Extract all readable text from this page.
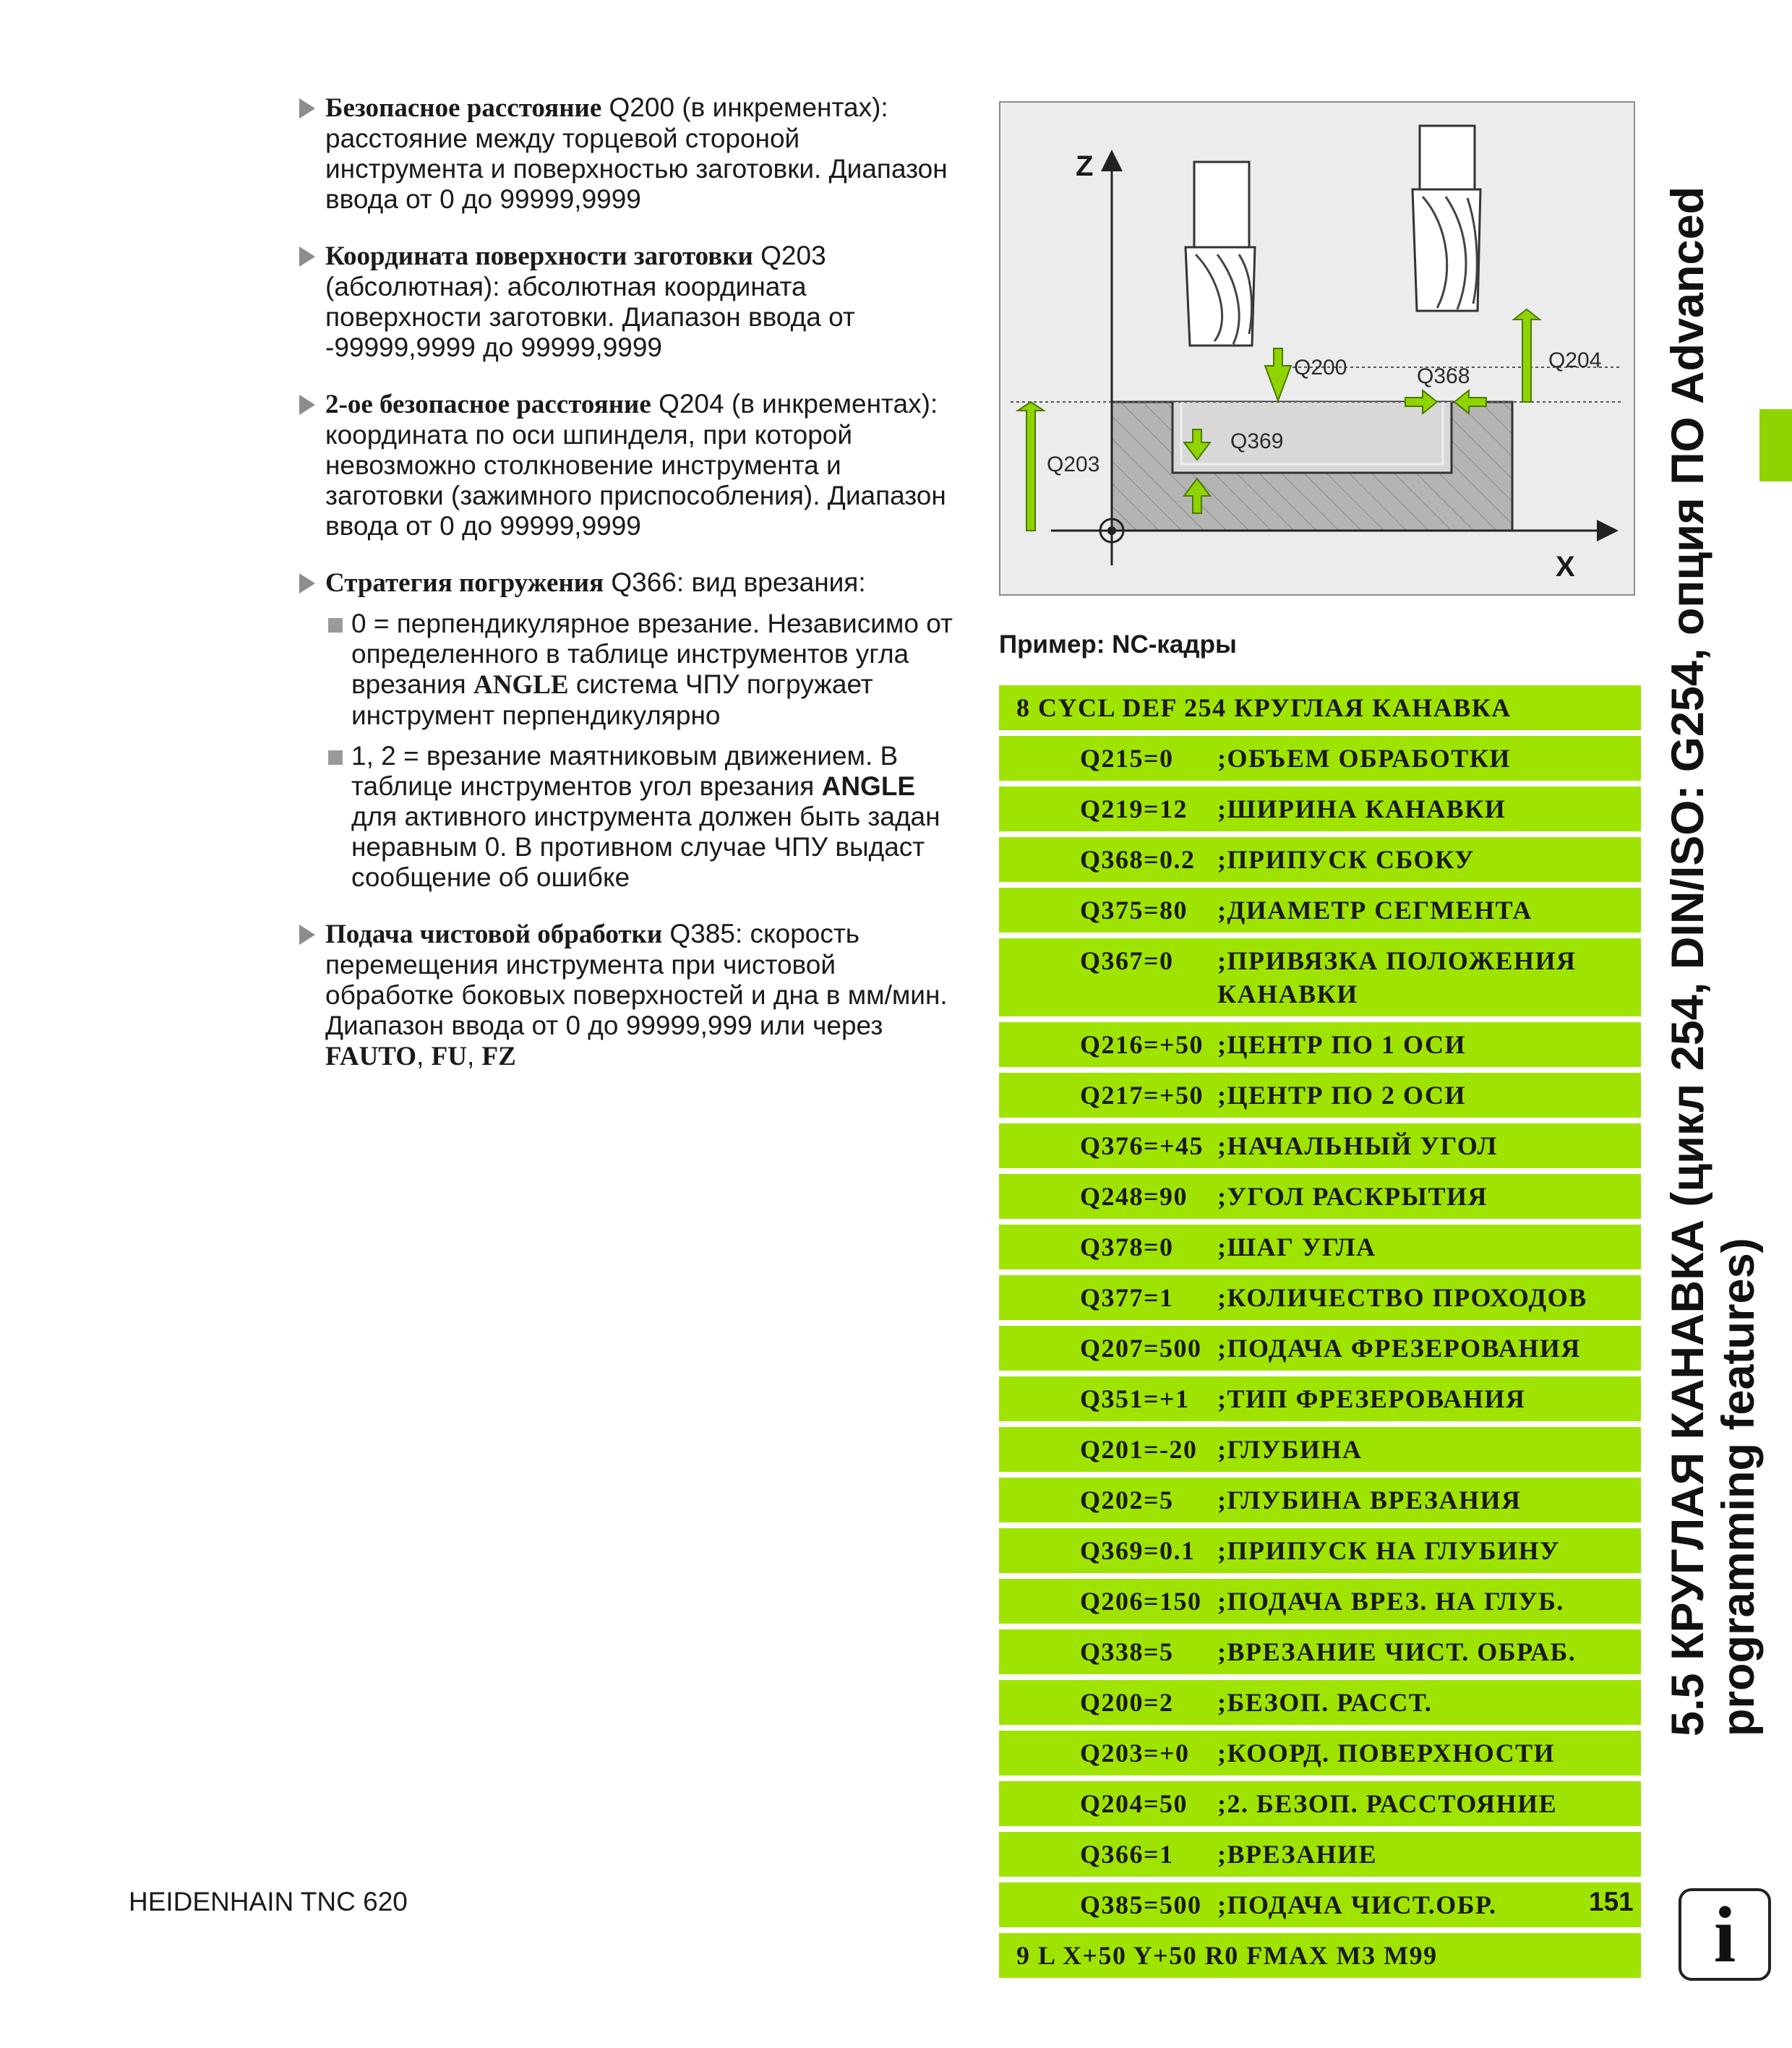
Безопасное расстояние Q200 (в инкрементах):
расстояние между торцевой стороной
инструмента и поверхностью заготовки. Диапазон
ввода от 0 до 99999,9999
Координата поверхности заготовки Q203
(абсолютная): абсолютная координата
поверхности заготовки. Диапазон ввода от
-99999,9999 до 99999,9999
2-ое безопасное расстояние Q204 (в инкрементах):
координата по оси шпинделя, при которой
невозможно столкновение инструмента и
заготовки (зажимного приспособления). Диапазон
ввода от 0 до 99999,9999
Стратегия погружения Q366: вид врезания:
0 = перпендикулярное врезание. Независимо от
определенного в таблице инструментов угла
врезания ANGLE система ЧПУ погружает
инструмент перпендикулярно
1, 2 = врезание маятниковым движением. В
таблице инструментов угол врезания ANGLE
для активного инструмента должен быть задан
неравным 0. В противном случае ЧПУ выдаст
сообщение об ошибке
Подача чистовой обработки Q385: скорость
перемещения инструмента при чистовой
обработке боковых поверхностей и дна в мм/мин.
Диапазон ввода от 0 до 99999,999 или через
FAUTO, FU, FZ
Z
X
Q200	Q368
Q204
Q369
Q203
Пример: NC-кадры
8 CYCL DEF 254 КРУГЛАЯ КАНАВКА
Q215=0	;ОБЪЕМ ОБРАБОТКИ
Q219=12	;ШИРИНА КАНАВКИ
Q368=0.2 ;ПРИПУСК СБОКУ
Q375=80	;ДИАМЕТР СЕГМЕНТА
Q367=0	;ПРИВЯЗКА ПОЛОЖЕНИЯ
КАНАВКИ
Q216=+50 ;ЦЕНТР ПО 1 ОСИ
Q217=+50 ;ЦЕНТР ПО 2 ОСИ
Q376=+45 ;НАЧАЛЬНЫЙ УГОЛ
Q248=90	;УГОЛ РАСКРЫТИЯ
Q378=0	;ШАГ УГЛА
Q377=1	;КОЛИЧЕСТВО ПРОХОДОВ
Q207=500 ;ПОДАЧА ФРЕЗЕРОВАНИЯ
Q351=+1	;ТИП ФРЕЗЕРОВАНИЯ
Q201=-20 ;ГЛУБИНА
Q202=5	;ГЛУБИНА ВРЕЗАНИЯ
Q369=0.1 ;ПРИПУСК НА ГЛУБИНУ
Q206=150 ;ПОДАЧА ВРЕЗ. НА ГЛУБ.
Q338=5	;ВРЕЗАНИЕ ЧИСТ. ОБРАБ.
Q200=2	;БЕЗОП. РАССТ.
Q203=+0	;КООРД. ПОВЕРХНОСТИ
Q204=50	;2. БЕЗОП. РАССТОЯНИЕ
Q366=1	;ВРЕЗАНИЕ
Q385=500 ;ПОДАЧА ЧИСТ.ОБР.
9 L X+50 Y+50 R0 FMAX M3 M99
5.5 КРУГЛАЯ КАНАВКА (цикл 254, DIN/ISO: G254, опция ПО Advanced programming features)
HEIDENHAIN TNC 620	151 i
